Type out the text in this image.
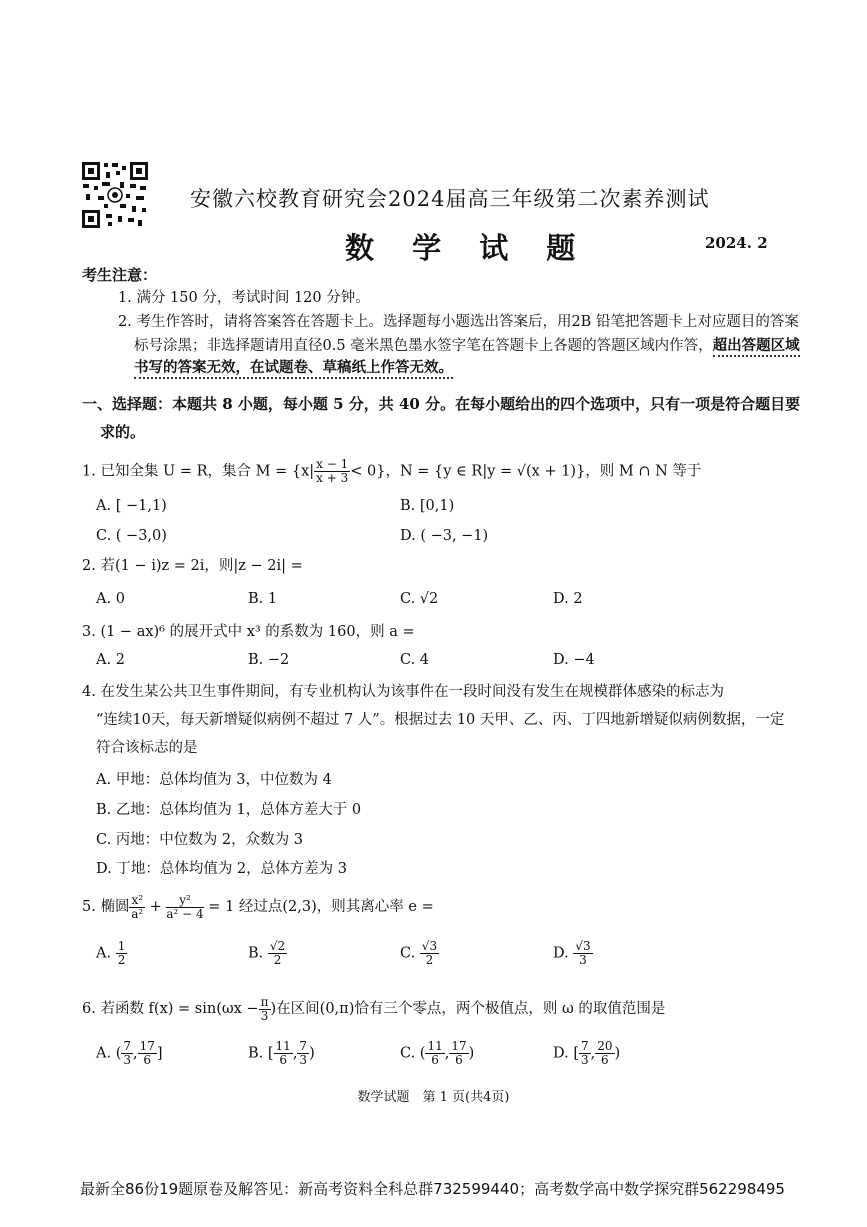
安徽六校教育研究会2024届高三年级第二次素养测试
数 学 试 题	2024. 2
考生注意：
1. 满分 150 分，考试时间 120 分钟。
2. 考生作答时，请将答案答在答题卡上。选择题每小题选出答案后，用2B 铅笔把答题卡上对应题目的答案
标号涂黑；非选择题请用直径0.5 毫米黑色墨水签字笔在答题卡上各题的答题区域内作答，超出答题区域
书写的答案无效，在试题卷、草稿纸上作答无效。
一、选择题：本题共 8 小题，每小题 5 分，共 40 分。在每小题给出的四个选项中，只有一项是符合题目要
求的。
1. 已知全集 U = R，集合 $M = \{x| \frac{x - 1}{x + 3} < 0\}$，N = {y ∈ R|y = √(x + 1)}，则 M ∩ N 等于
A. [ −1,1)	B. [0,1)
C. ( −3,0)	D. ( −3, −1)
2. 若(1 − i)z = 2i，则|z − 2i| =
A. 0	B. 1	C. √2	D. 2
3. (1 − ax)⁶ 的展开式中 x³ 的系数为 160，则 a =
A. 2	B. −2	C. 4	D. −4
4. 在发生某公共卫生事件期间，有专业机构认为该事件在一段时间没有发生在规模群体感染的标志为
“连续10天，每天新增疑似病例不超过 7 人”。根据过去 10 天甲、乙、丙、丁四地新增疑似病例数据，一定
符合该标志的是
A. 甲地：总体均值为 3，中位数为 4
B. 乙地：总体均值为 1，总体方差大于 0
C. 丙地：中位数为 2，众数为 3
D. 丁地：总体均值为 2，总体方差为 3
5. 椭圆 $\frac{\text{x²}}{\text{a²}} + \frac{\text{y²}}{\text{a² − 4}} = 1$ 经过点(2,3)，则其离心率 e =
A. $\frac{1}{2}$	B. $\frac{√2}{2}$	C. $\frac{√3}{2}$	D. $\frac{√3}{3}$
6. 若函数 $f(x) = \sin(\omega x - \frac{\pi}{3}$ )在区间(0,π)恰有三个零点，两个极值点，则 ω 的取值范围是
A. ( $\frac{7}{3}$ , $\frac{17}{6}$ ]	B. [ $\frac{11}{6}$ , $\frac{7}{3}$ )	C. ( $\frac{11}{6}$ , $\frac{17}{6}$ )	D. [ $\frac{7}{3}$ , $\frac{20}{6}$ )
数学试题　第 1 页(共4页)
最新全86份19题原卷及解答见：新高考资料全科总群732599440；高考数学高中数学探究群562298495
